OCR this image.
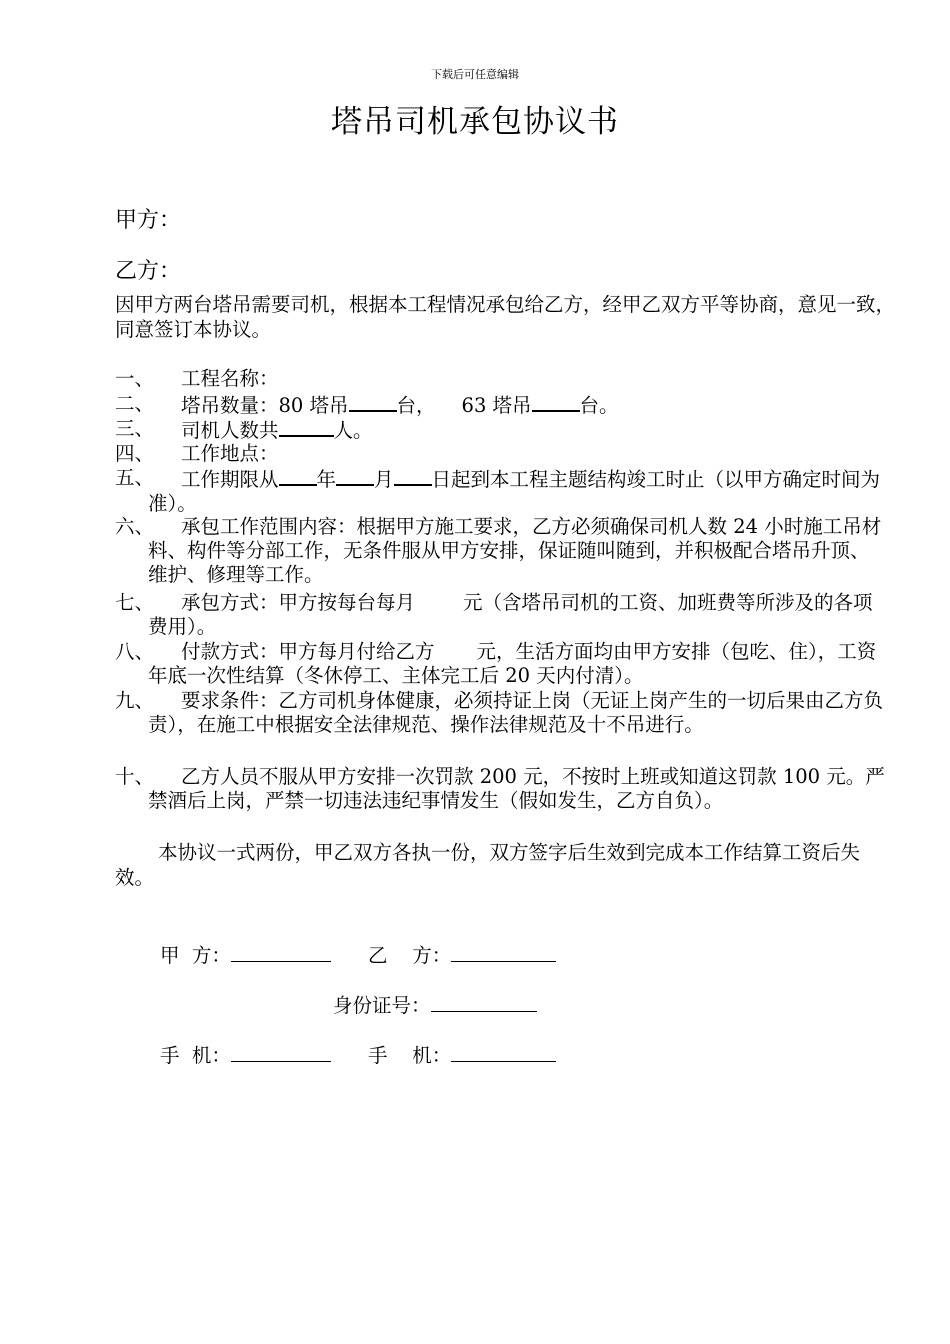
下载后可任意编辑
塔吊司机承包协议书
甲方：
乙方：
因甲方两台塔吊需要司机，根据本工程情况承包给乙方，经甲乙双方平等协商，意见一致，同意签订本协议。
一、	工程名称：
二、	塔吊数量：80 塔吊 台， 63 塔吊 台。
三、	司机人数共	人。
四、	工作地点：
五、	工作期限从 年 月 日起到本工程主题结构竣工时止（以甲方确定时间为准）。
六、	承包工作范围内容：根据甲方施工要求，乙方必须确保司机人数 24 小时施工吊材料、构件等分部工作，无条件服从甲方安排，保证随叫随到，并积极配合塔吊升顶、维护、修理等工作。
七、	承包方式：甲方按每台每月 元（含塔吊司机的工资、加班费等所涉及的各项费用）。
八、	付款方式：甲方每月付给乙方 元，生活方面均由甲方安排（包吃、住），工资年底一次性结算（冬休停工、主体完工后 20 天内付清）。
九、	要求条件：乙方司机身体健康，必须持证上岗（无证上岗产生的一切后果由乙方负责），在施工中根据安全法律规范、操作法律规范及十不吊进行。
十、	乙方人员不服从甲方安排一次罚款 200 元，不按时上班或知道这罚款 100 元。严禁酒后上岗，严禁一切违法违纪事情发生（假如发生，乙方自负）。
本协议一式两份，甲乙双方各执一份，双方签字后生效到完成本工作结算工资后失效。
甲  方：	乙    方：
身份证号：
手  机：	手    机：
